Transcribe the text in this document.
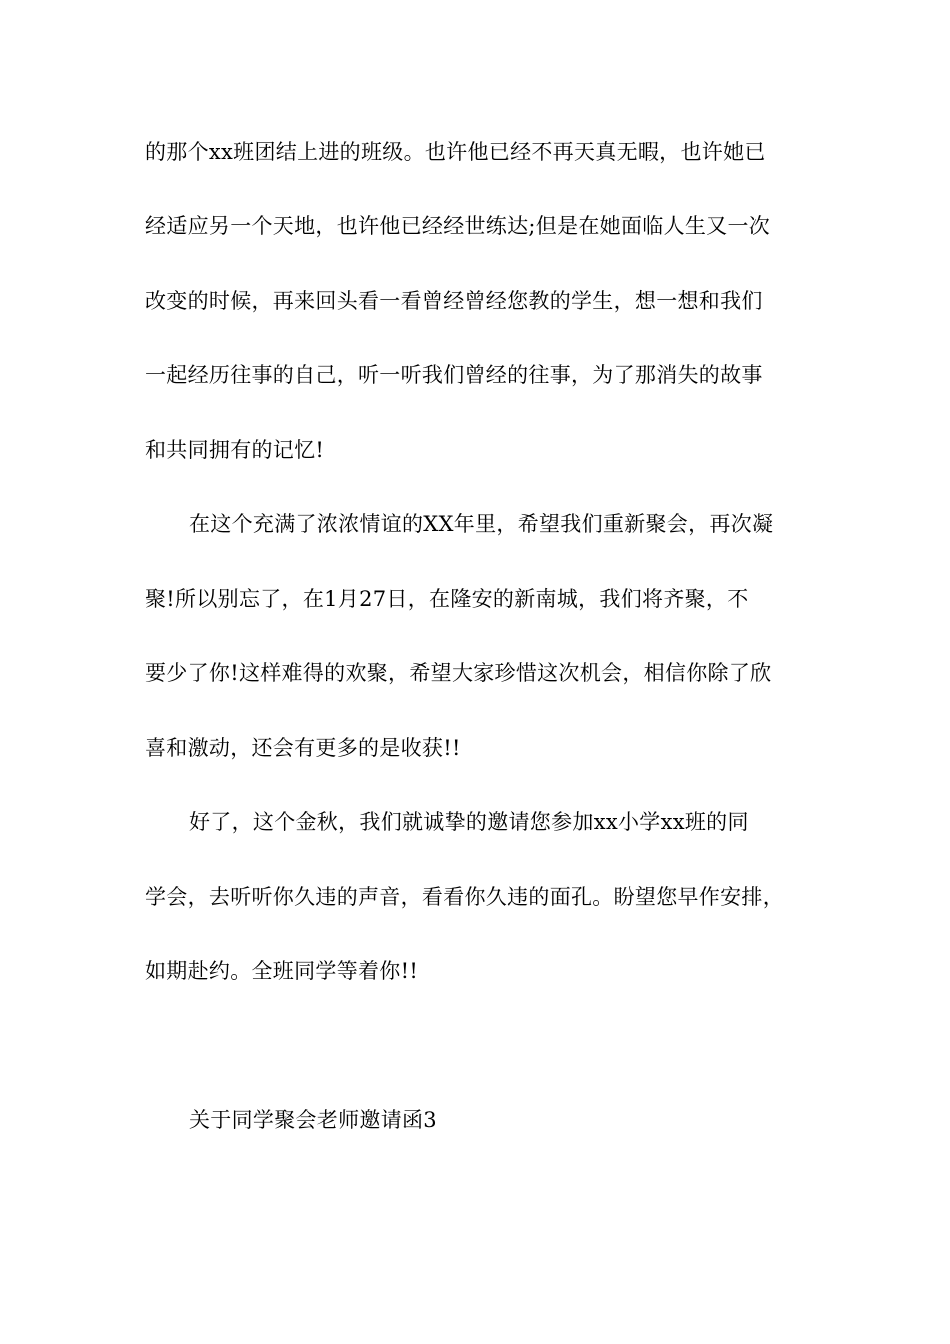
的那个xx班团结上进的班级。也许他已经不再天真无暇，也许她已
经适应另一个天地，也许他已经经世练达;但是在她面临人生又一次
改变的时候，再来回头看一看曾经曾经您教的学生，想一想和我们
一起经历往事的自己，听一听我们曾经的往事，为了那消失的故事
和共同拥有的记忆!
在这个充满了浓浓情谊的XX年里，希望我们重新聚会，再次凝
聚!所以别忘了，在1月27日，在隆安的新南城，我们将齐聚，不
要少了你!这样难得的欢聚，希望大家珍惜这次机会，相信你除了欣
喜和激动，还会有更多的是收获!!
好了，这个金秋，我们就诚挚的邀请您参加xx小学xx班的同
学会，去听听你久违的声音，看看你久违的面孔。盼望您早作安排，
如期赴约。全班同学等着你!!
关于同学聚会老师邀请函3
